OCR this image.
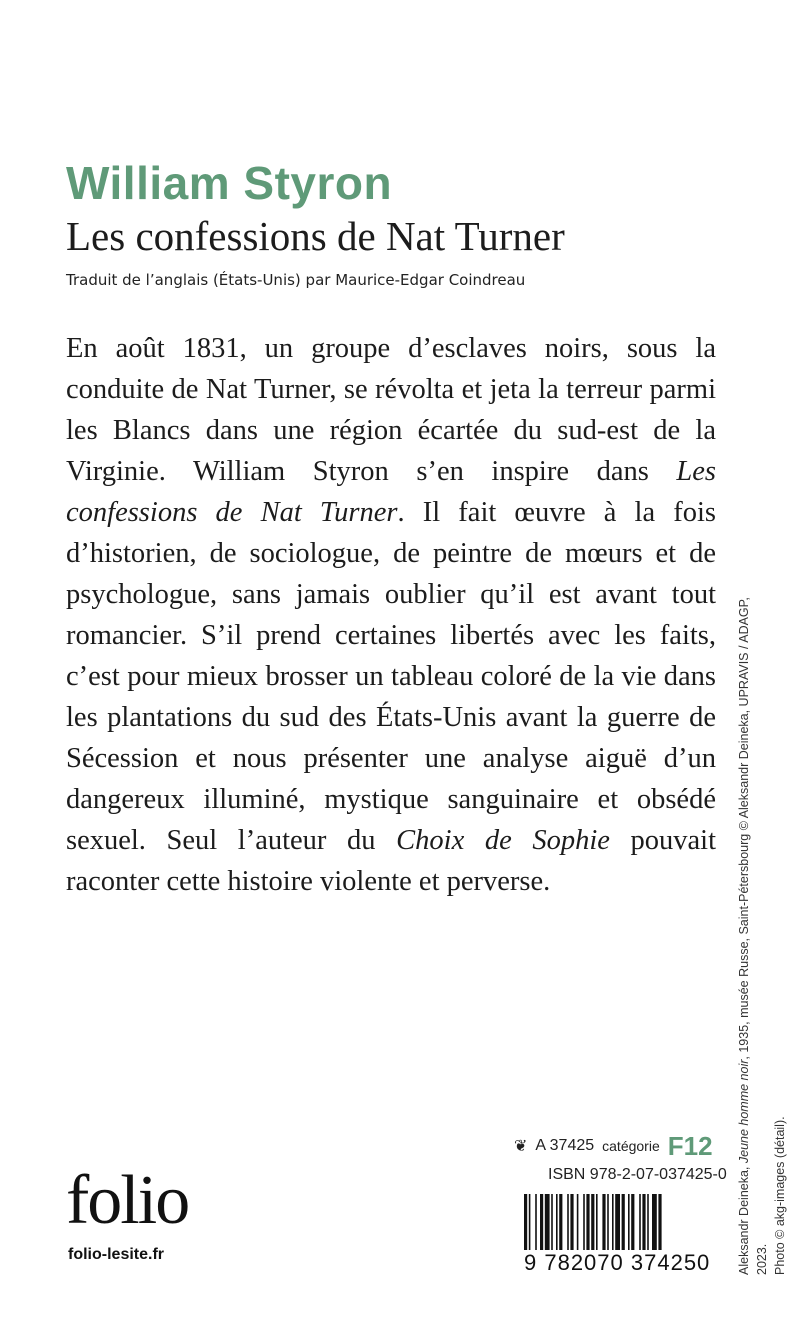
William Styron
Les confessions de Nat Turner
Traduit de l’anglais (États-Unis) par Maurice-Edgar Coindreau
En août 1831, un groupe d’esclaves noirs, sous la conduite de Nat Turner, se révolta et jeta la terreur parmi les Blancs dans une région écartée du sud-est de la Virginie. William Styron s’en inspire dans Les confessions de Nat Turner. Il fait œuvre à la fois d’historien, de sociologue, de peintre de mœurs et de psychologue, sans jamais oublier qu’il est avant tout romancier. S’il prend certaines libertés avec les faits, c’est pour mieux brosser un tableau coloré de la vie dans les plantations du sud des États-Unis avant la guerre de Sécession et nous présenter une analyse aiguë d’un dangereux illuminé, mystique sanguinaire et obsédé sexuel. Seul l’auteur du Choix de Sophie pouvait raconter cette histoire violente et perverse.
Aleksandr Deineka, Jeune homme noir, 1935, musée Russe, Saint-Pétersbourg © Aleksandr Deineka, UPRAVIS / ADAGP, 2023. Photo © akg-images (détail).
❦ A 37425 catégorie F12
ISBN 978-2-07-037425-0
9 782070 374250
folio
folio-lesite.fr
